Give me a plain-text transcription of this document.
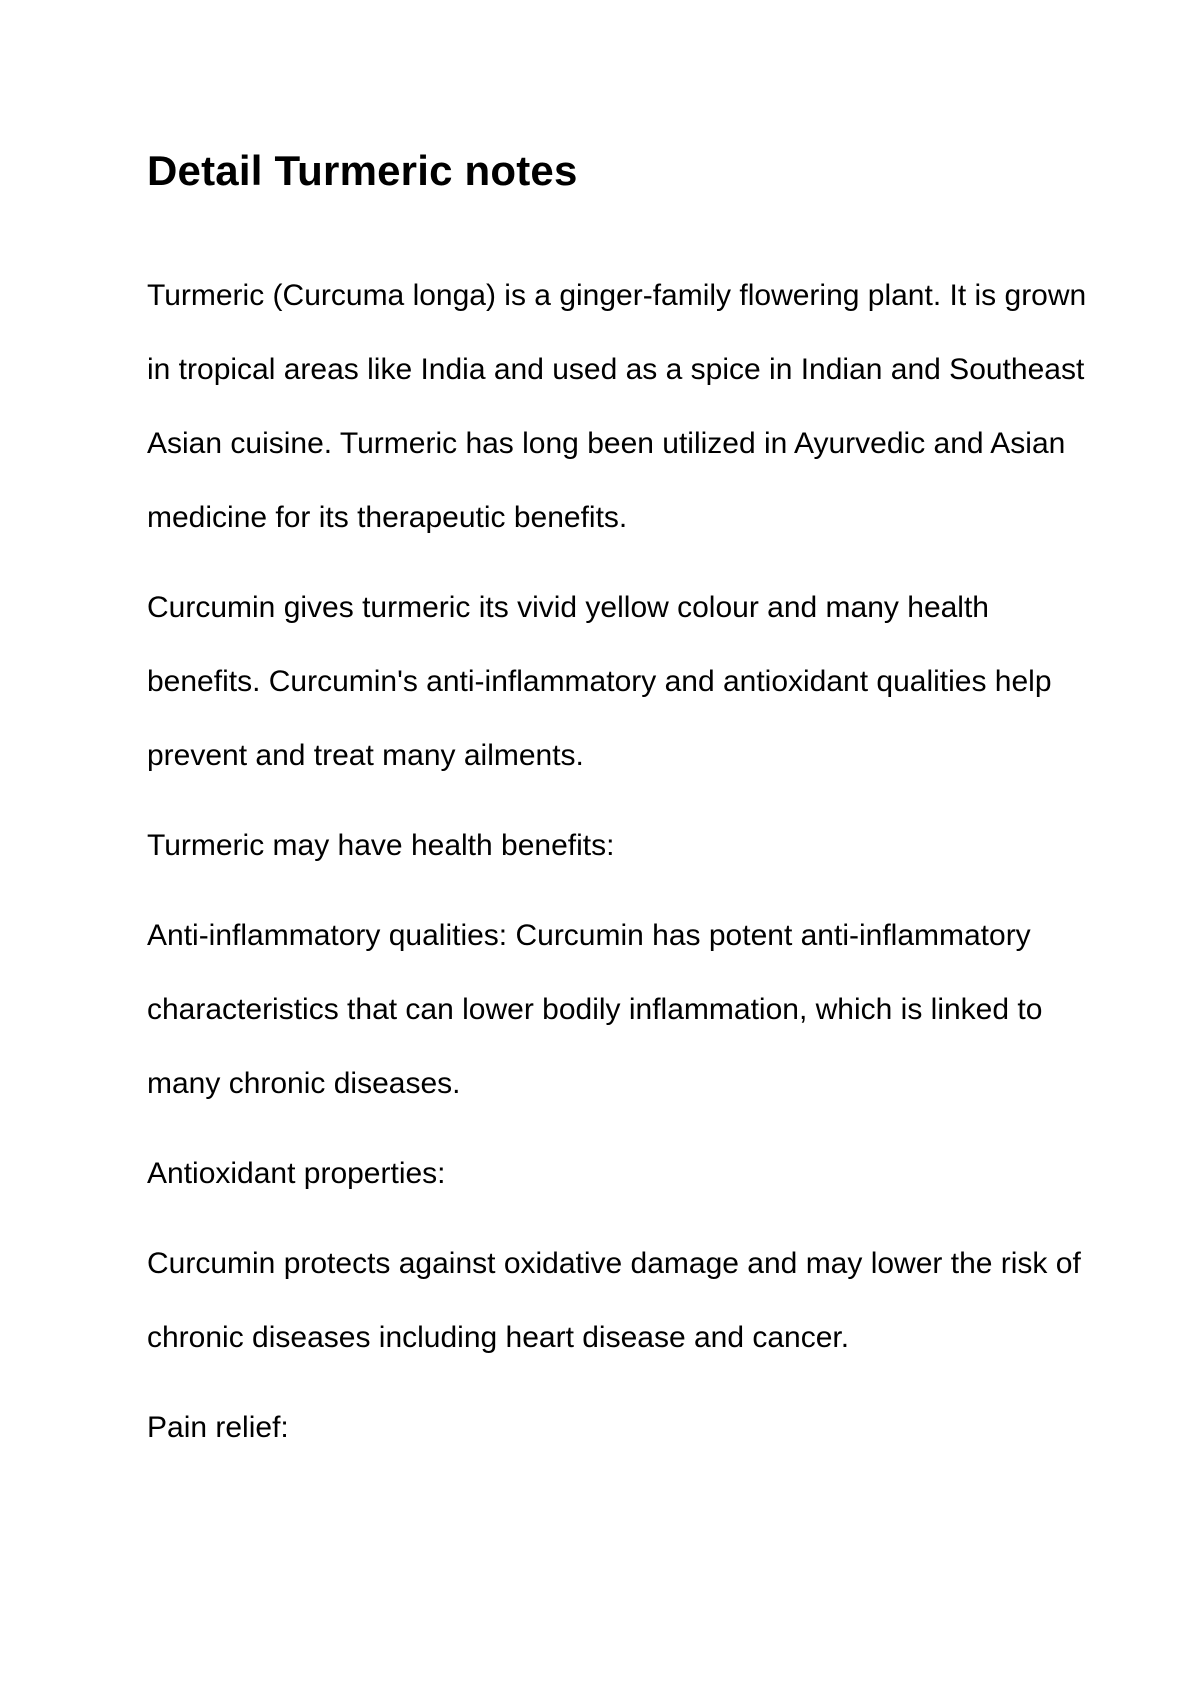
Detail Turmeric notes

Turmeric (Curcuma longa) is a ginger-family flowering plant. It is grown in tropical areas like India and used as a spice in Indian and Southeast Asian cuisine. Turmeric has long been utilized in Ayurvedic and Asian medicine for its therapeutic benefits.

Curcumin gives turmeric its vivid yellow colour and many health benefits. Curcumin's anti-inflammatory and antioxidant qualities help prevent and treat many ailments.

Turmeric may have health benefits:

Anti-inflammatory qualities: Curcumin has potent anti-inflammatory characteristics that can lower bodily inflammation, which is linked to many chronic diseases.

Antioxidant properties:

Curcumin protects against oxidative damage and may lower the risk of chronic diseases including heart disease and cancer.

Pain relief:
